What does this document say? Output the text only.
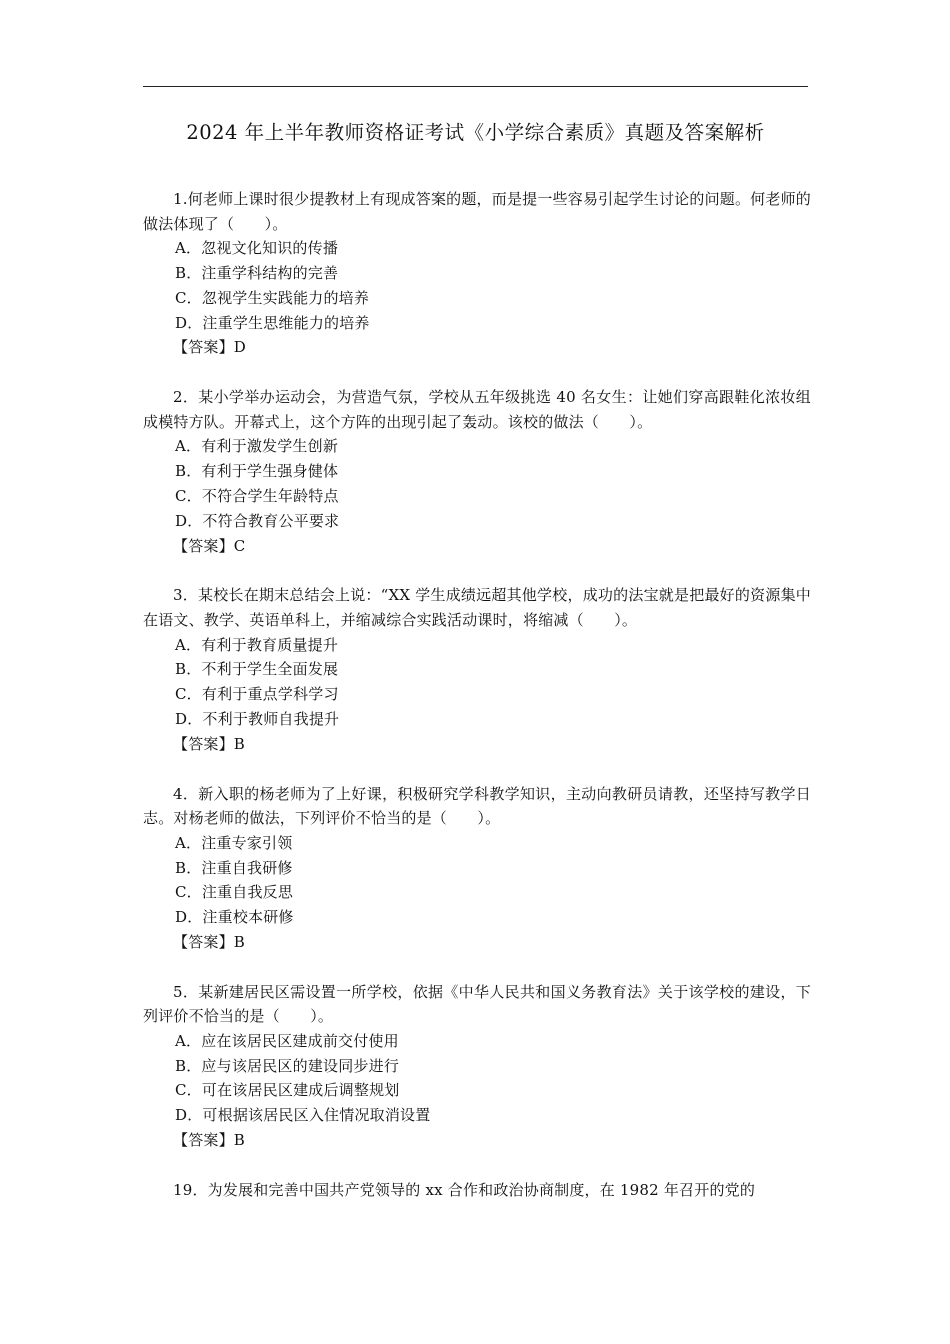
2024 年上半年教师资格证考试《小学综合素质》真题及答案解析

1.何老师上课时很少提教材上有现成答案的题，而是提一些容易引起学生讨论的问题。何老师的做法体现了（　　）。

A．忽视文化知识的传播

B．注重学科结构的完善

C．忽视学生实践能力的培养

D．注重学生思维能力的培养

【答案】D

2．某小学举办运动会，为营造气氛，学校从五年级挑选 40 名女生：让她们穿高跟鞋化浓妆组成模特方队。开幕式上，这个方阵的出现引起了轰动。该校的做法（　　）。

A．有利于激发学生创新

B．有利于学生强身健体

C．不符合学生年龄特点

D．不符合教育公平要求

【答案】C

3．某校长在期末总结会上说：“XX 学生成绩远超其他学校，成功的法宝就是把最好的资源集中在语文、教学、英语单科上，并缩减综合实践活动课时，将缩减（　　）。

A．有利于教育质量提升

B．不利于学生全面发展

C．有利于重点学科学习

D．不利于教师自我提升

【答案】B

4．新入职的杨老师为了上好课，积极研究学科教学知识，主动向教研员请教，还坚持写教学日志。对杨老师的做法，下列评价不恰当的是（　　）。

A．注重专家引领

B．注重自我研修

C．注重自我反思

D．注重校本研修

【答案】B

5．某新建居民区需设置一所学校，依据《中华人民共和国义务教育法》关于该学校的建设，下列评价不恰当的是（　　）。

A．应在该居民区建成前交付使用

B．应与该居民区的建设同步进行

C．可在该居民区建成后调整规划

D．可根据该居民区入住情况取消设置

【答案】B

19．为发展和完善中国共产党领导的 xx 合作和政治协商制度，在 1982 年召开的党的
